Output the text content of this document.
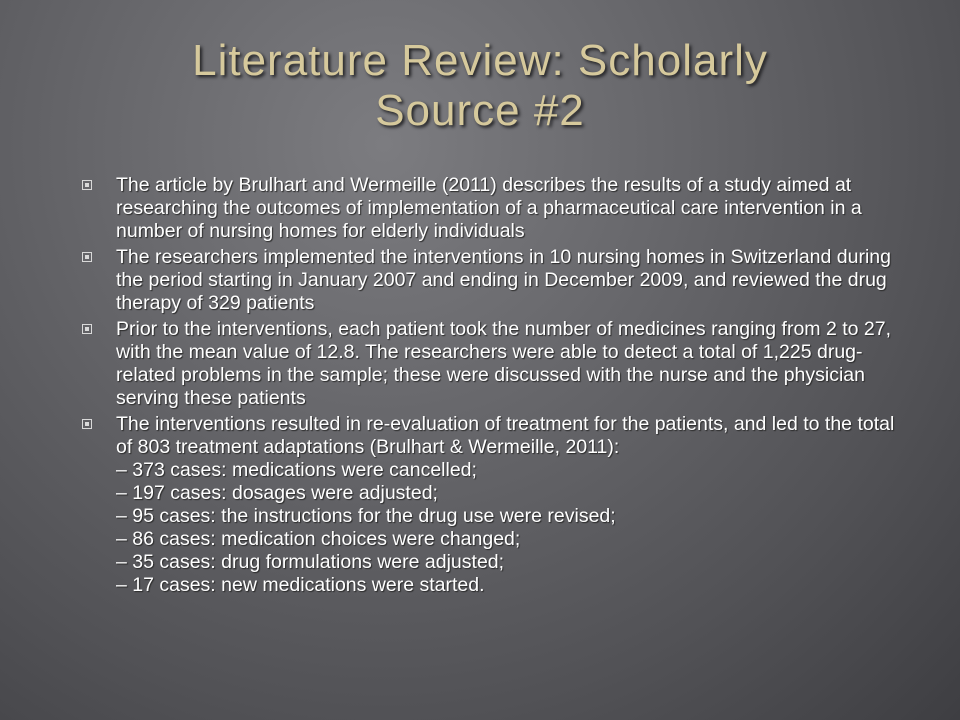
Literature Review: Scholarly
Source #2
The article by Brulhart and Wermeille (2011) describes the results of a study aimed at researching the outcomes of implementation of a pharmaceutical care intervention in a number of nursing homes for elderly individuals
The researchers implemented the interventions in 10 nursing homes in Switzerland during the period starting in January 2007 and ending in December 2009, and reviewed the drug therapy of 329 patients
Prior to the interventions, each patient took the number of medicines ranging from 2 to 27, with the mean value of 12.8. The researchers were able to detect a total of 1,225 drug-related problems in the sample; these were discussed with the nurse and the physician serving these patients
The interventions resulted in re-evaluation of treatment for the patients, and led to the total of 803 treatment adaptations (Brulhart & Wermeille, 2011):
– 373 cases: medications were cancelled;
– 197 cases: dosages were adjusted;
– 95 cases: the instructions for the drug use were revised;
– 86 cases: medication choices were changed;
– 35 cases: drug formulations were adjusted;
– 17 cases: new medications were started.
